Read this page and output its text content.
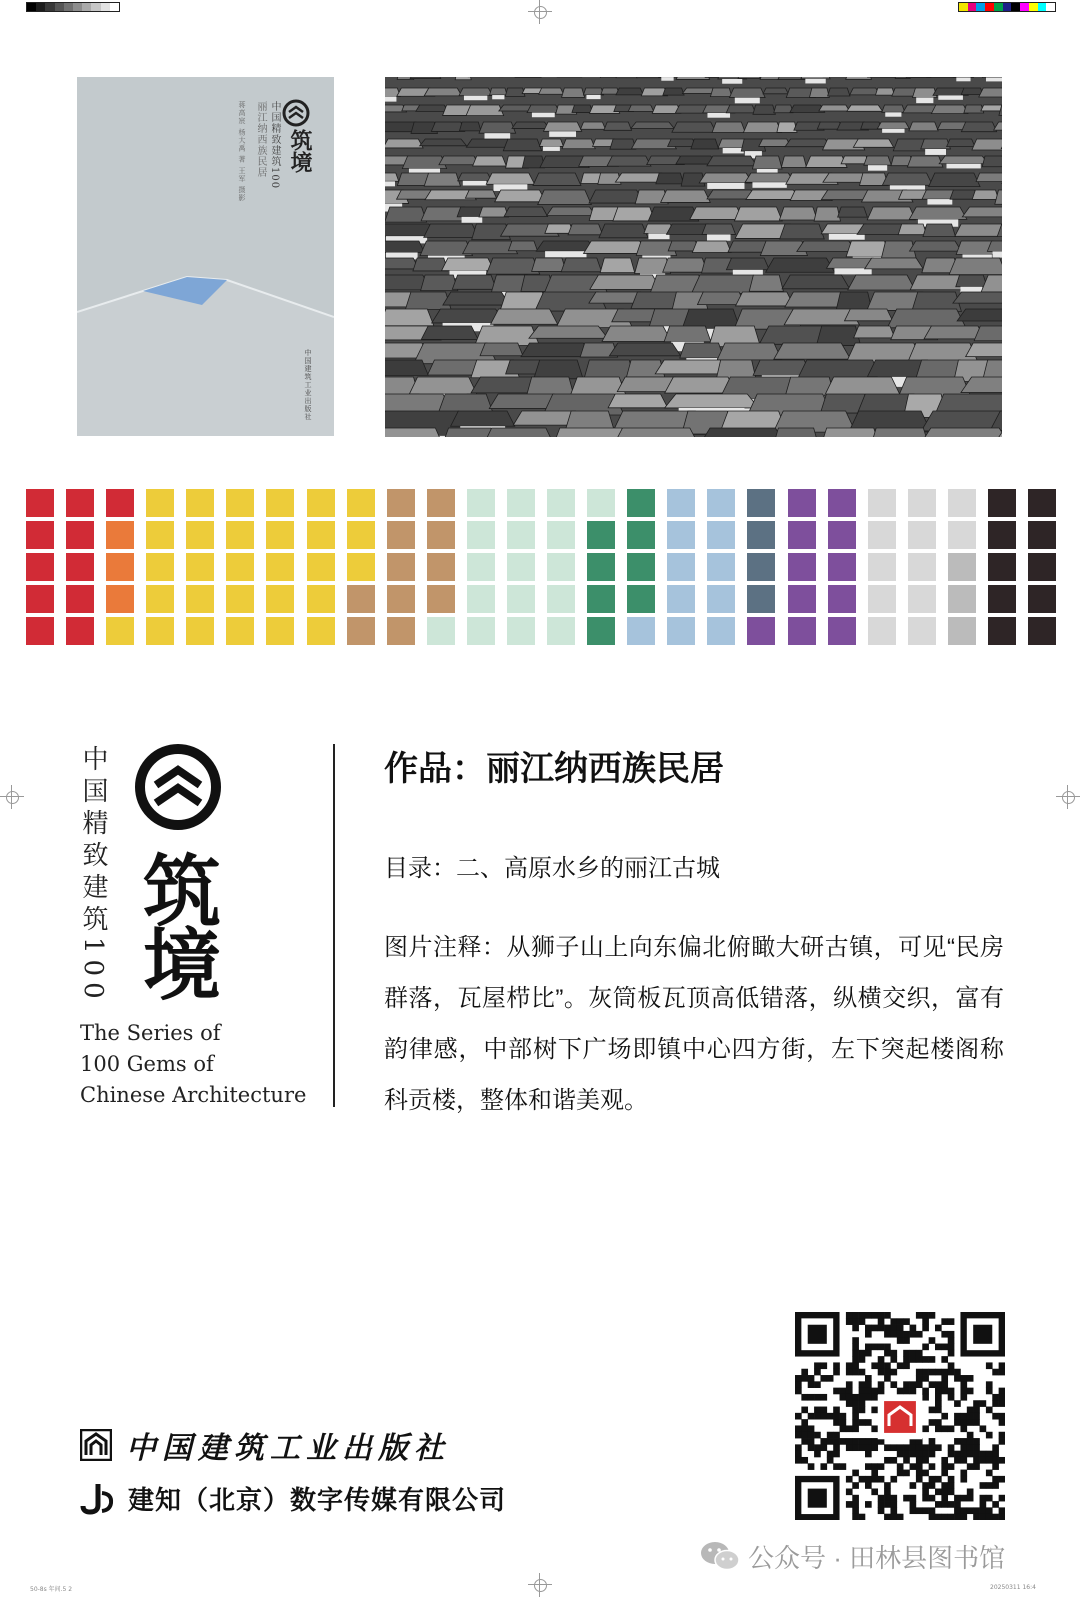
50-8s 年间.5 2	20250311 16:4
筑境
中国精致建筑100
丽江纳西族民居
蒋高宸 杨大禹 著 王军 摄影
中国建筑工业出版社
中国精致建筑100 筑境
The Series of
100 Gems of
Chinese Architecture
作品：丽江纳西族民居
目录：二、高原水乡的丽江古城
图片注释：从狮子山上向东偏北俯瞰大研古镇，可见“民房群落，瓦屋栉比”。灰筒板瓦顶高低错落，纵横交织，富有韵律感，中部树下广场即镇中心四方街，左下突起楼阁称科贡楼，整体和谐美观。
中国建筑工业出版社
建知（北京）数字传媒有限公司
公众号 · 田林县图书馆
